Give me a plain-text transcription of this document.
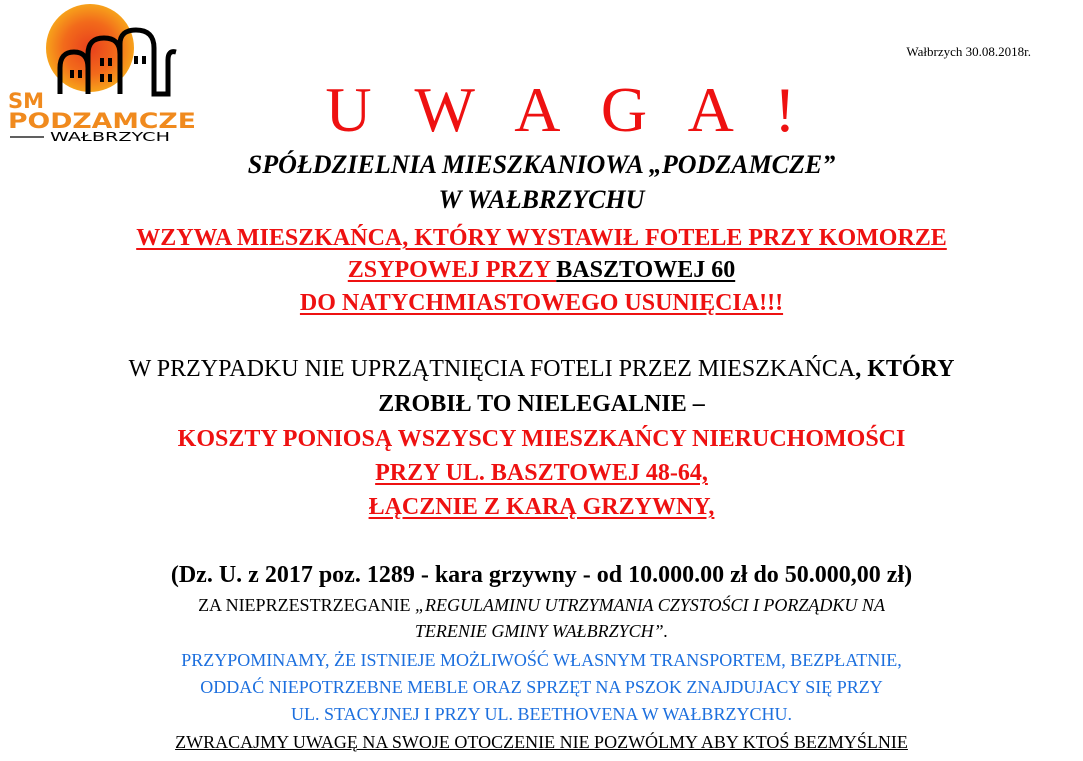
SM
PODZAMCZE
WAŁBRZYCH
Wałbrzych 30.08.2018r.
U W A G A !
SPÓŁDZIELNIA MIESZKANIOWA „PODZAMCZE”
W WAŁBRZYCHU
WZYWA MIESZKAŃCA, KTÓRY WYSTAWIŁ FOTELE PRZY KOMORZE
ZSYPOWEJ PRZY BASZTOWEJ 60
DO NATYCHMIASTOWEGO USUNIĘCIA!!!
W PRZYPADKU NIE UPRZĄTNIĘCIA FOTELI PRZEZ MIESZKAŃCA, KTÓRY
ZROBIŁ TO NIELEGALNIE –
KOSZTY PONIOSĄ WSZYSCY MIESZKAŃCY NIERUCHOMOŚCI
PRZY UL. BASZTOWEJ 48-64,
ŁĄCZNIE Z KARĄ GRZYWNY,
(Dz. U. z 2017 poz. 1289 - kara grzywny - od 10.000.00 zł do 50.000,00 zł)
ZA NIEPRZESTRZEGANIE „REGULAMINU UTRZYMANIA CZYSTOŚCI I PORZĄDKU NA
TERENIE GMINY WAŁBRZYCH”.
PRZYPOMINAMY, ŻE ISTNIEJE MOŻLIWOŚĆ WŁASNYM TRANSPORTEM, BEZPŁATNIE,
ODDAĆ NIEPOTRZEBNE MEBLE ORAZ SPRZĘT NA PSZOK ZNAJDUJACY SIĘ PRZY
UL. STACYJNEJ I PRZY UL. BEETHOVENA W WAŁBRZYCHU.
ZWRACAJMY UWAGĘ NA SWOJE OTOCZENIE NIE POZWÓLMY ABY KTOŚ BEZMYŚLNIE
